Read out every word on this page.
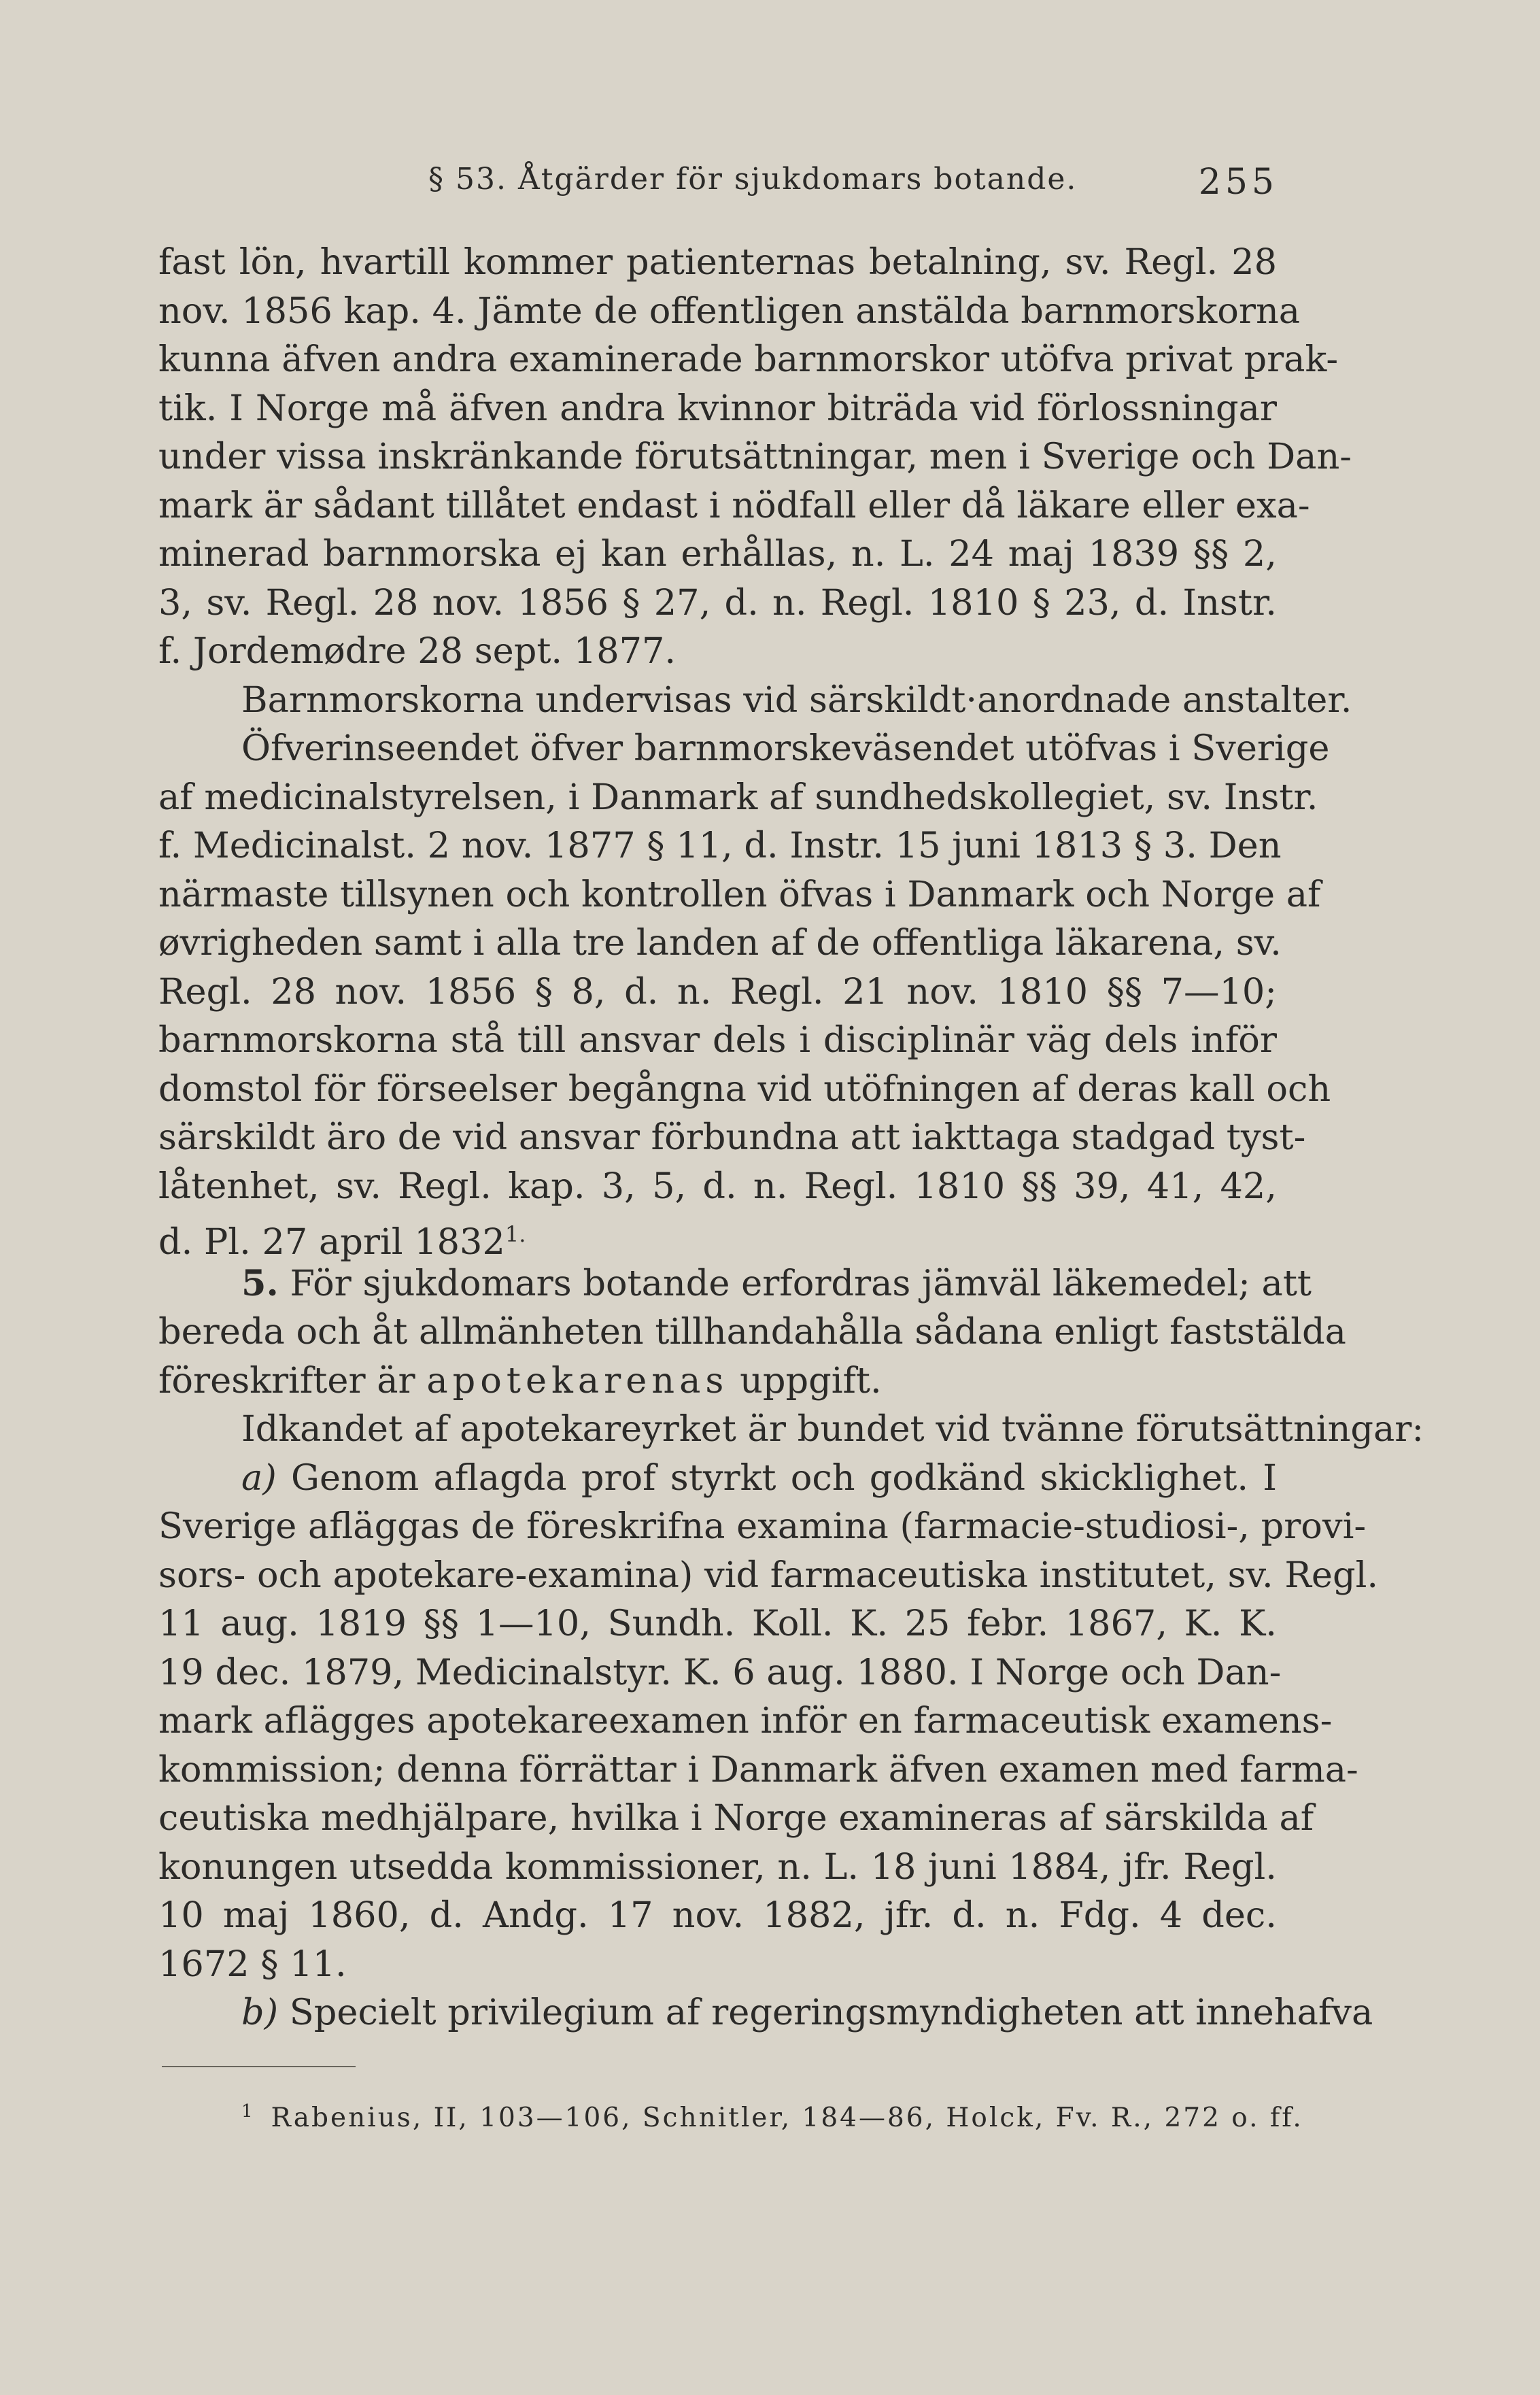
§ 53. Åtgärder för sjukdomars botande.	255
fast lön, hvartill kommer patienternas betalning, sv. Regl. 28
nov. 1856 kap. 4. Jämte de offentligen anstälda barnmorskorna
kunna äfven andra examinerade barnmorskor utöfva privat prak-
tik. I Norge må äfven andra kvinnor biträda vid förlossningar
under vissa inskränkande förutsättningar, men i Sverige och Dan-
mark är sådant tillåtet endast i nödfall eller då läkare eller exa-
minerad barnmorska ej kan erhållas, n. L. 24 maj 1839 §§ 2,
3, sv. Regl. 28 nov. 1856 § 27, d. n. Regl. 1810 § 23, d. Instr.
f. Jordemødre 28 sept. 1877.
Barnmorskorna undervisas vid särskildt·anordnade anstalter.
Öfverinseendet öfver barnmorskeväsendet utöfvas i Sverige
af medicinalstyrelsen, i Danmark af sundhedskollegiet, sv. Instr.
f. Medicinalst. 2 nov. 1877 § 11, d. Instr. 15 juni 1813 § 3. Den
närmaste tillsynen och kontrollen öfvas i Danmark och Norge af
øvrigheden samt i alla tre landen af de offentliga läkarena, sv.
Regl. 28 nov. 1856 § 8, d. n. Regl. 21 nov. 1810 §§ 7—10;
barnmorskorna stå till ansvar dels i disciplinär väg dels inför
domstol för förseelser begångna vid utöfningen af deras kall och
särskildt äro de vid ansvar förbundna att iakttaga stadgad tyst-
låtenhet, sv. Regl. kap. 3, 5, d. n. Regl. 1810 §§ 39, 41, 42,
d. Pl. 27 april 1832$^{1.}$
5. För sjukdomars botande erfordras jämväl läkemedel; att
bereda och åt allmänheten tillhandahålla sådana enligt faststälda
föreskrifter är apotekarenas uppgift.
Idkandet af apotekareyrket är bundet vid tvänne förutsättningar:
a) Genom aflagda prof styrkt och godkänd skicklighet. I
Sverige afläggas de föreskrifna examina (farmacie-studiosi-, provi-
sors- och apotekare-examina) vid farmaceutiska institutet, sv. Regl.
11 aug. 1819 §§ 1—10, Sundh. Koll. K. 25 febr. 1867, K. K.
19 dec. 1879, Medicinalstyr. K. 6 aug. 1880. I Norge och Dan-
mark aflägges apotekareexamen inför en farmaceutisk examens-
kommission; denna förrättar i Danmark äfven examen med farma-
ceutiska medhjälpare, hvilka i Norge examineras af särskilda af
konungen utsedda kommissioner, n. L. 18 juni 1884, jfr. Regl.
10 maj 1860, d. Andg. 17 nov. 1882, jfr. d. n. Fdg. 4 dec.
1672 § 11.
b) Specielt privilegium af regeringsmyndigheten att innehafva
$^1$ Rabenius, II, 103—106, Schnitler, 184—86, Holck, Fv. R., 272 o. ff.
